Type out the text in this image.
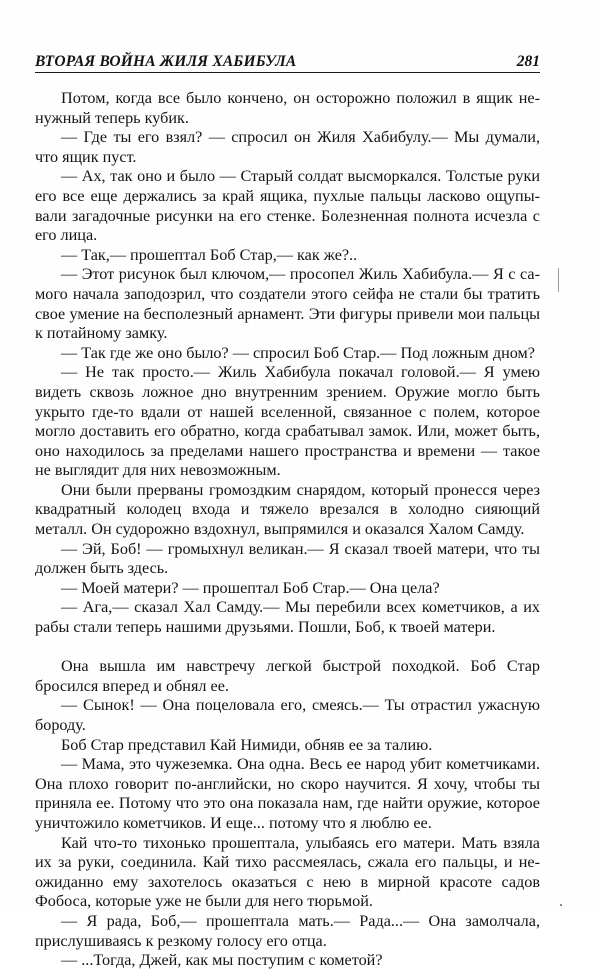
ВТОРАЯ ВОЙНА ЖИЛЯ ХАБИБУЛА	281

Потом, когда все было кончено, он осторожно положил в ящик ненужный теперь кубик.

— Где ты его взял? — спросил он Жиля Хабибулу.— Мы думали, что ящик пуст.

— Ах, так оно и было — Старый солдат высморкался. Толстые руки его все еще держались за край ящика, пухлые пальцы ласково ощупывали загадочные рисунки на его стенке. Болезненная полнота исчезла с его лица.

— Так,— прошептал Боб Стар,— как же?..

— Этот рисунок был ключом,— просопел Жиль Хабибула.— Я с самого начала заподозрил, что создатели этого сейфа не стали бы тратить свое умение на бесполезный арнамент. Эти фигуры привели мои пальцы к потайному замку.

— Так где же оно было? — спросил Боб Стар.— Под ложным дном?

— Не так просто.— Жиль Хабибула покачал головой.— Я умею видеть сквозь ложное дно внутренним зрением. Оружие могло быть укрыто где-то вдали от нашей вселенной, связанное с полем, которое могло доставить его обратно, когда срабатывал замок. Или, может быть, оно находилось за пределами нашего пространства и времени — такое не выглядит для них невозможным.

Они были прерваны громоздким снарядом, который пронесся через квадратный колодец входа и тяжело врезался в холодно сияющий металл. Он судорожно вздохнул, выпрямился и оказался Халом Самду.

— Эй, Боб! — громыхнул великан.— Я сказал твоей матери, что ты должен быть здесь.

— Моей матери? — прошептал Боб Стар.— Она цела?

— Ага,— сказал Хал Самду.— Мы перебили всех кометчиков, а их рабы стали теперь нашими друзьями. Пошли, Боб, к твоей матери.

Она вышла им навстречу легкой быстрой походкой. Боб Стар бросился вперед и обнял ее.

— Сынок! — Она поцеловала его, смеясь.— Ты отрастил ужасную бороду.

Боб Стар представил Кай Нимиди, обняв ее за талию.

— Мама, это чужеземка. Она одна. Весь ее народ убит кометчиками. Она плохо говорит по-английски, но скоро научится. Я хочу, чтобы ты приняла ее. Потому что это она показала нам, где найти оружие, которое уничтожило кометчиков. И еще... потому что я люблю ее.

Кай что-то тихонько прошептала, улыбаясь его матери. Мать взяла их за руки, соединила. Кай тихо рассмеялась, сжала его пальцы, и неожиданно ему захотелось оказаться с нею в мирной красоте садов Фобоса, которые уже не были для него тюрьмой.

— Я рада, Боб,— прошептала мать.— Рада...— Она замолчала, прислушиваясь к резкому голосу его отца.

— ...Тогда, Джей, как мы поступим с кометой?
